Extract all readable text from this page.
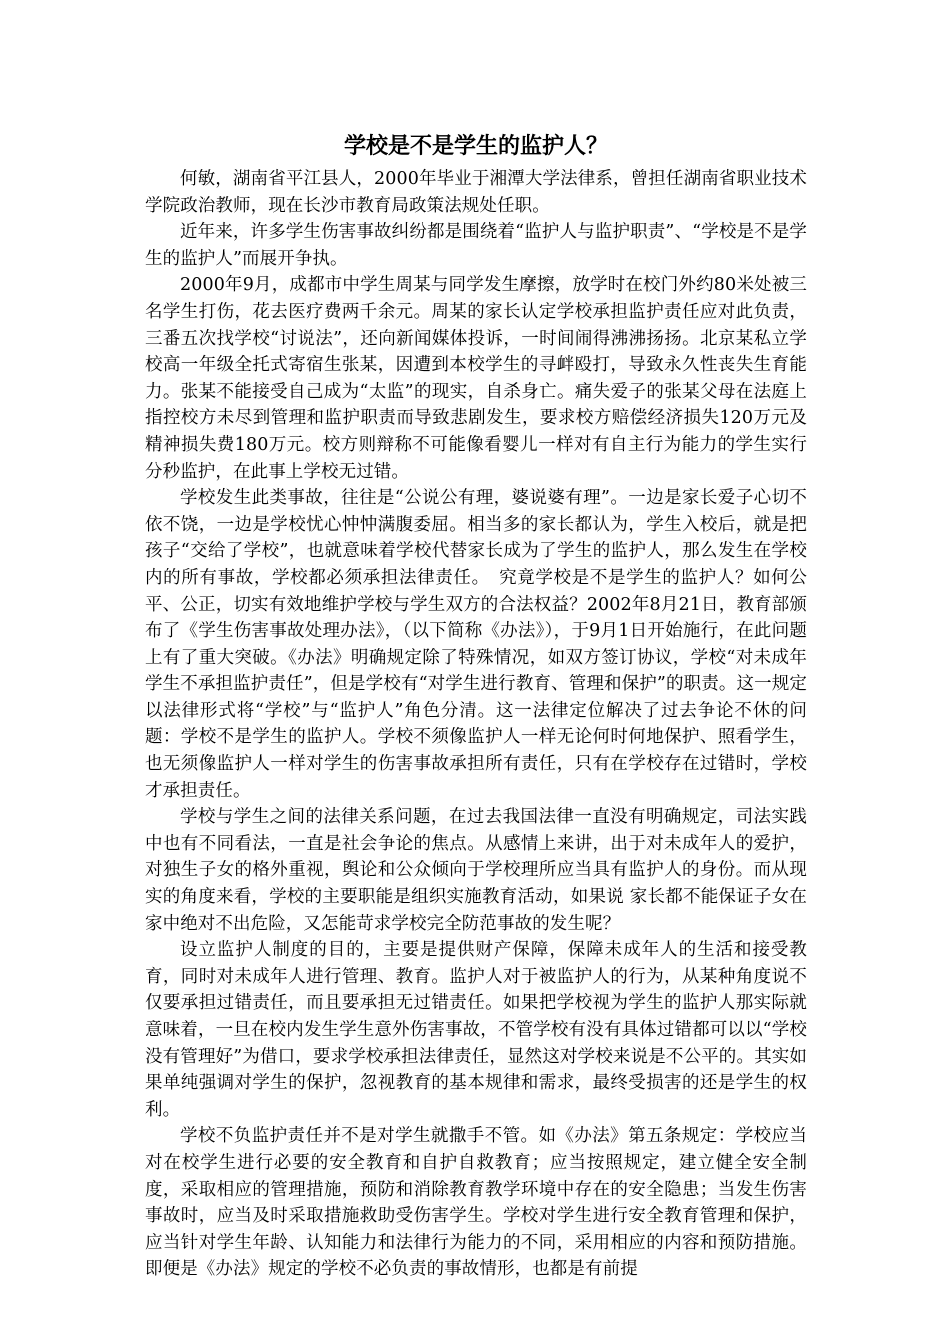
学校是不是学生的监护人？

何敏，湖南省平江县人，2000年毕业于湘潭大学法律系，曾担任湖南省职业技术学院政治教师，现在长沙市教育局政策法规处任职。

近年来，许多学生伤害事故纠纷都是围绕着“监护人与监护职责”、“学校是不是学生的监护人”而展开争执。

2000年9月，成都市中学生周某与同学发生摩擦，放学时在校门外约80米处被三名学生打伤，花去医疗费两千余元。周某的家长认定学校承担监护责任应对此负责，三番五次找学校“讨说法”，还向新闻媒体投诉，一时间闹得沸沸扬扬。北京某私立学校高一年级全托式寄宿生张某，因遭到本校学生的寻衅殴打，导致永久性丧失生育能力。张某不能接受自己成为“太监”的现实，自杀身亡。痛失爱子的张某父母在法庭上指控校方未尽到管理和监护职责而导致悲剧发生，要求校方赔偿经济损失120万元及精神损失费180万元。校方则辩称不可能像看婴儿一样对有自主行为能力的学生实行分秒监护，在此事上学校无过错。

学校发生此类事故，往往是“公说公有理，婆说婆有理”。一边是家长爱子心切不依不饶，一边是学校忧心忡忡满腹委屈。相当多的家长都认为，学生入校后，就是把孩子“交给了学校”，也就意味着学校代替家长成为了学生的监护人，那么发生在学校内的所有事故，学校都必须承担法律责任。　究竟学校是不是学生的监护人？如何公平、公正，切实有效地维护学校与学生双方的合法权益？2002年8月21日，教育部颁布了《学生伤害事故处理办法》，（以下简称《办法》），于9月1日开始施行，在此问题上有了重大突破。《办法》明确规定除了特殊情况，如双方签订协议，学校“对未成年学生不承担监护责任”，但是学校有“对学生进行教育、管理和保护”的职责。这一规定以法律形式将“学校”与“监护人”角色分清。这一法律定位解决了过去争论不休的问题：学校不是学生的监护人。学校不须像监护人一样无论何时何地保护、照看学生，也无须像监护人一样对学生的伤害事故承担所有责任，只有在学校存在过错时，学校才承担责任。

学校与学生之间的法律关系问题，在过去我国法律一直没有明确规定，司法实践中也有不同看法，一直是社会争论的焦点。从感情上来讲，出于对未成年人的爱护，对独生子女的格外重视，舆论和公众倾向于学校理所应当具有监护人的身份。而从现实的角度来看，学校的主要职能是组织实施教育活动，如果说 家长都不能保证子女在家中绝对不出危险，又怎能苛求学校完全防范事故的发生呢？

设立监护人制度的目的，主要是提供财产保障，保障未成年人的生活和接受教育，同时对未成年人进行管理、教育。监护人对于被监护人的行为，从某种角度说不仅要承担过错责任，而且要承担无过错责任。如果把学校视为学生的监护人那实际就意味着，一旦在校内发生学生意外伤害事故，不管学校有没有具体过错都可以以“学校没有管理好”为借口，要求学校承担法律责任，显然这对学校来说是不公平的。其实如果单纯强调对学生的保护，忽视教育的基本规律和需求，最终受损害的还是学生的权利。

学校不负监护责任并不是对学生就撒手不管。如《办法》第五条规定：学校应当对在校学生进行必要的安全教育和自护自救教育；应当按照规定，建立健全安全制度，采取相应的管理措施，预防和消除教育教学环境中存在的安全隐患；当发生伤害事故时，应当及时采取措施救助受伤害学生。学校对学生进行安全教育管理和保护，应当针对学生年龄、认知能力和法律行为能力的不同，采用相应的内容和预防措施。即便是《办法》规定的学校不必负责的事故情形，也都是有前提
